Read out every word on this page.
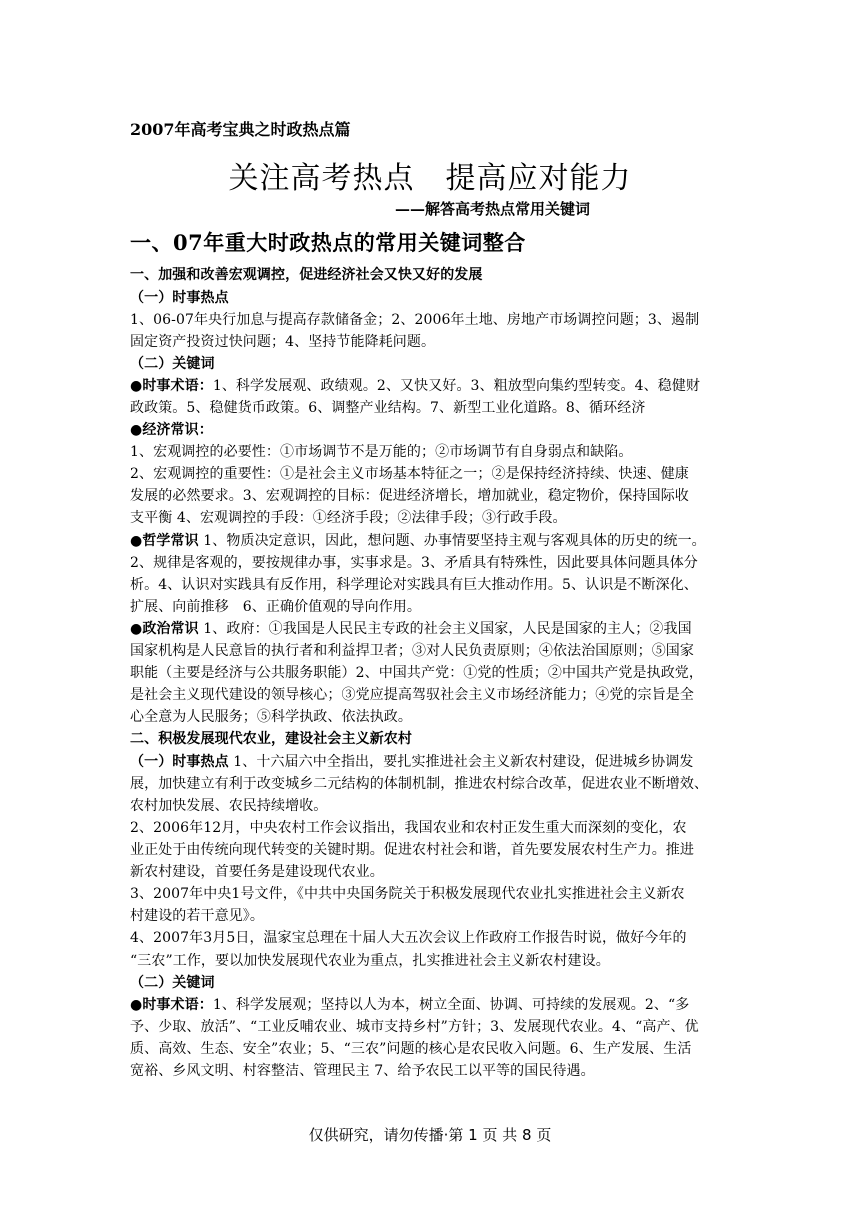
2007年高考宝典之时政热点篇
关注高考热点　提高应对能力
——解答高考热点常用关键词
一、07年重大时政热点的常用关键词整合
一、加强和改善宏观调控，促进经济社会又快又好的发展
（一）时事热点
1、06-07年央行加息与提高存款储备金；2、2006年土地、房地产市场调控问题；3、遏制
固定资产投资过快问题；4、坚持节能降耗问题。
（二）关键词
●时事术语：1、科学发展观、政绩观。2、又快又好。3、粗放型向集约型转变。4、稳健财
政政策。5、稳健货币政策。6、调整产业结构。7、新型工业化道路。8、循环经济
●经济常识：
1、宏观调控的必要性：①市场调节不是万能的；②市场调节有自身弱点和缺陷。
2、宏观调控的重要性：①是社会主义市场基本特征之一；②是保持经济持续、快速、健康
发展的必然要求。3、宏观调控的目标：促进经济增长，增加就业，稳定物价，保持国际收
支平衡 4、宏观调控的手段：①经济手段；②法律手段；③行政手段。
●哲学常识 1、物质决定意识，因此，想问题、办事情要坚持主观与客观具体的历史的统一。
2、规律是客观的，要按规律办事，实事求是。3、矛盾具有特殊性，因此要具体问题具体分
析。4、认识对实践具有反作用，科学理论对实践具有巨大推动作用。5、认识是不断深化、
扩展、向前推移　6、正确价值观的导向作用。
●政治常识 1、政府：①我国是人民民主专政的社会主义国家，人民是国家的主人；②我国
国家机构是人民意旨的执行者和利益捍卫者；③对人民负责原则；④依法治国原则；⑤国家
职能（主要是经济与公共服务职能）2、中国共产党：①党的性质；②中国共产党是执政党，
是社会主义现代建设的领导核心；③党应提高驾驭社会主义市场经济能力；④党的宗旨是全
心全意为人民服务；⑤科学执政、依法执政。
二、积极发展现代农业，建设社会主义新农村
（一）时事热点 1、十六届六中全指出，要扎实推进社会主义新农村建设，促进城乡协调发
展，加快建立有利于改变城乡二元结构的体制机制，推进农村综合改革，促进农业不断增效、
农村加快发展、农民持续增收。
2、2006年12月，中央农村工作会议指出，我国农业和农村正发生重大而深刻的变化，农
业正处于由传统向现代转变的关键时期。促进农村社会和谐，首先要发展农村生产力。推进
新农村建设，首要任务是建设现代农业。
3、2007年中央1号文件，《中共中央国务院关于积极发展现代农业扎实推进社会主义新农
村建设的若干意见》。
4、2007年3月5日，温家宝总理在十届人大五次会议上作政府工作报告时说，做好今年的
“三农”工作，要以加快发展现代农业为重点，扎实推进社会主义新农村建设。
（二）关键词
●时事术语：1、科学发展观；坚持以人为本，树立全面、协调、可持续的发展观。2、“多
予、少取、放活”、“工业反哺农业、城市支持乡村”方针；3、发展现代农业。4、“高产、优
质、高效、生态、安全”农业；5、“三农”问题的核心是农民收入问题。6、生产发展、生活
宽裕、乡风文明、村容整洁、管理民主 7、给予农民工以平等的国民待遇。
仅供研究，请勿传播·第 1 页 共 8 页
